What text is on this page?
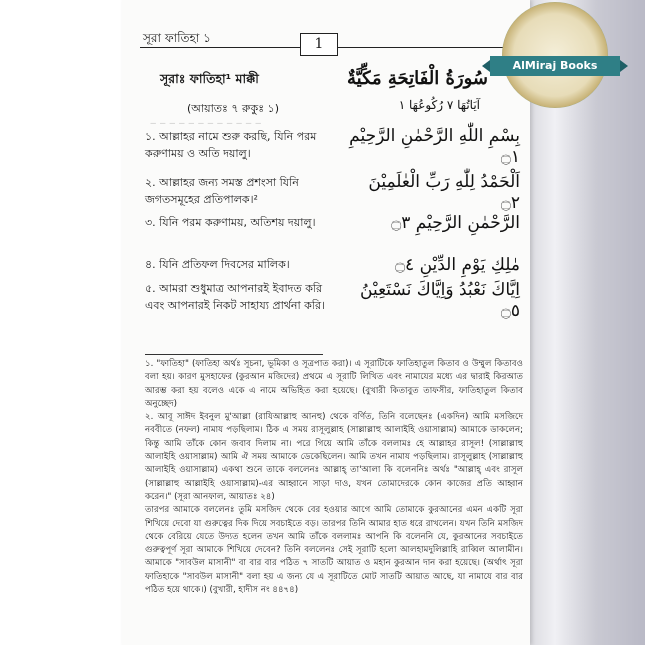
সূরা ফাতিহা ১	1
AlMiraj Books
সূরাঃ ফাতিহা¹ মাক্কী
(আয়াতঃ ৭ রুকুঃ ১)
‒ ‒ ‒ ‒ ‒ ‒ ‒ ‒ ‒ ‒ ‒ ‒
১. আল্লাহর নামে শুরু করছি, যিনি পরম করুণাময় ও অতি দয়ালু।
২. আল্লাহর জন্য সমস্ত প্রশংসা যিনি জগতসমূহের প্রতিপালক।²
৩. যিনি পরম করুণাময়, অতিশয় দয়ালু।
৪. যিনি প্রতিফল দিবসের মালিক।
৫. আমরা শুধুমাত্র আপনারই ইবাদত করি এবং আপনারই নিকট সাহায্য প্রার্থনা করি।
سُورَةُ الْفَاتِحَةِ مَكِّيَّةٌ
آيَاتُهَا ٧ رُكُوعُهَا ١
بِسْمِ اللّٰهِ الرَّحْمٰنِ الرَّحِيْمِ ۝١
اَلْحَمْدُ لِلّٰهِ رَبِّ الْعٰلَمِيْنَ ۝٢
الرَّحْمٰنِ الرَّحِيْمِ ۝٣
مٰلِكِ يَوْمِ الدِّيْنِ ۝٤
اِيَّاكَ نَعْبُدُ وَاِيَّاكَ نَسْتَعِيْنُ ۝٥

১. "ফাতিহা" (ফাতিহা অর্থঃ সূচনা, ভূমিকা ও সূত্রপাত করা)। এ সূরাটিকে ফাতিহাতুল কিতাব ও উম্মুল কিতাবও বলা হয়। কারণ মুসহাফের (কুরআন মজিদের) প্রথমে এ সূরাটি লিখিত এবং নামাযের মধ্যে এর দ্বারাই কিরআত আরম্ভ করা হয় বলেও একে এ নামে অভিহিত করা হয়েছে। (বুখারী কিতাবুত তাফসীর, ফাতিহাতুল কিতাব অনুচ্ছেদ)

২. আবূ সাঈদ ইবনুল মু'আল্লা (রাযিআল্লাহু আনহু) থেকে বর্ণিত, তিনি বলেছেনঃ (একদিন) আমি মসজিদে নববীতে (নফল) নামায পড়ছিলাম। ঠিক এ সময় রাসূলুল্লাহ (সাল্লাল্লাহু আলাইহি ওয়াসাল্লাম) আমাকে ডাকলেন; কিন্তু আমি তাঁকে কোন জবাব দিলাম না। পরে গিয়ে আমি তাঁকে বললামঃ হে আল্লাহর রাসূল! (সাল্লাল্লাহু আলাইহি ওয়াসাল্লাম) আমি ঐ সময় আমাকে ডেকেছিলেন। আমি তখন নামায পড়ছিলাম। রাসূলুল্লাহ (সাল্লাল্লাহু আলাইহি ওয়াসাল্লাম) একথা শুনে তাকে বললেনঃ আল্লাহ্ তা'আলা কি বলেননিঃ অর্থঃ "আল্লাহ্ এবং রাসূল (সাল্লাল্লাহু আল্লাইহি ওয়াসাল্লাম)-এর আহ্বানে সাড়া দাও, যখন তোমাদেরকে কোন কাজের প্রতি আহ্বান করেন।" (সূরা আনফাল, আয়াতঃ ২৪)

তারপর আমাকে বললেনঃ তুমি মসজিদ থেকে বের হওয়ার আগে আমি তোমাকে কুরআনের এমন একটি সূরা শিখিয়ে দেবো যা গুরুত্বের দিক দিয়ে সবচাইতে বড়। তারপর তিনি আমার হাত ধরে রাখলেন। যখন তিনি মসজিদ থেকে বেরিয়ে যেতে উদ্যত হলেন তখন আমি তাঁকে বললামঃ আপনি কি বলেননি যে, কুরআনের সবচাইতে গুরুত্বপূর্ণ সূরা আমাকে শিখিয়ে দেবেন? তিনি বললেনঃ সেই সূরাটি হলো আলহামদুলিল্লাহি রাব্বিল আলামীন। আমাকে "সাবউল মাসানী" বা বার বার পঠিত ৭ সাতটি আয়াত ও মহান কুরআন দান করা হয়েছে। (অর্থাৎ সূরা ফাতিহাকে "সাবউল মাসানী" বলা হয় এ জন্য যে এ সূরাটিতে মোট সাতটি আয়াত আছে, যা নামাযে বার বার পঠিত হয়ে থাকে।) (বুখারী, হাদীস নং ৪৪৭৪)
